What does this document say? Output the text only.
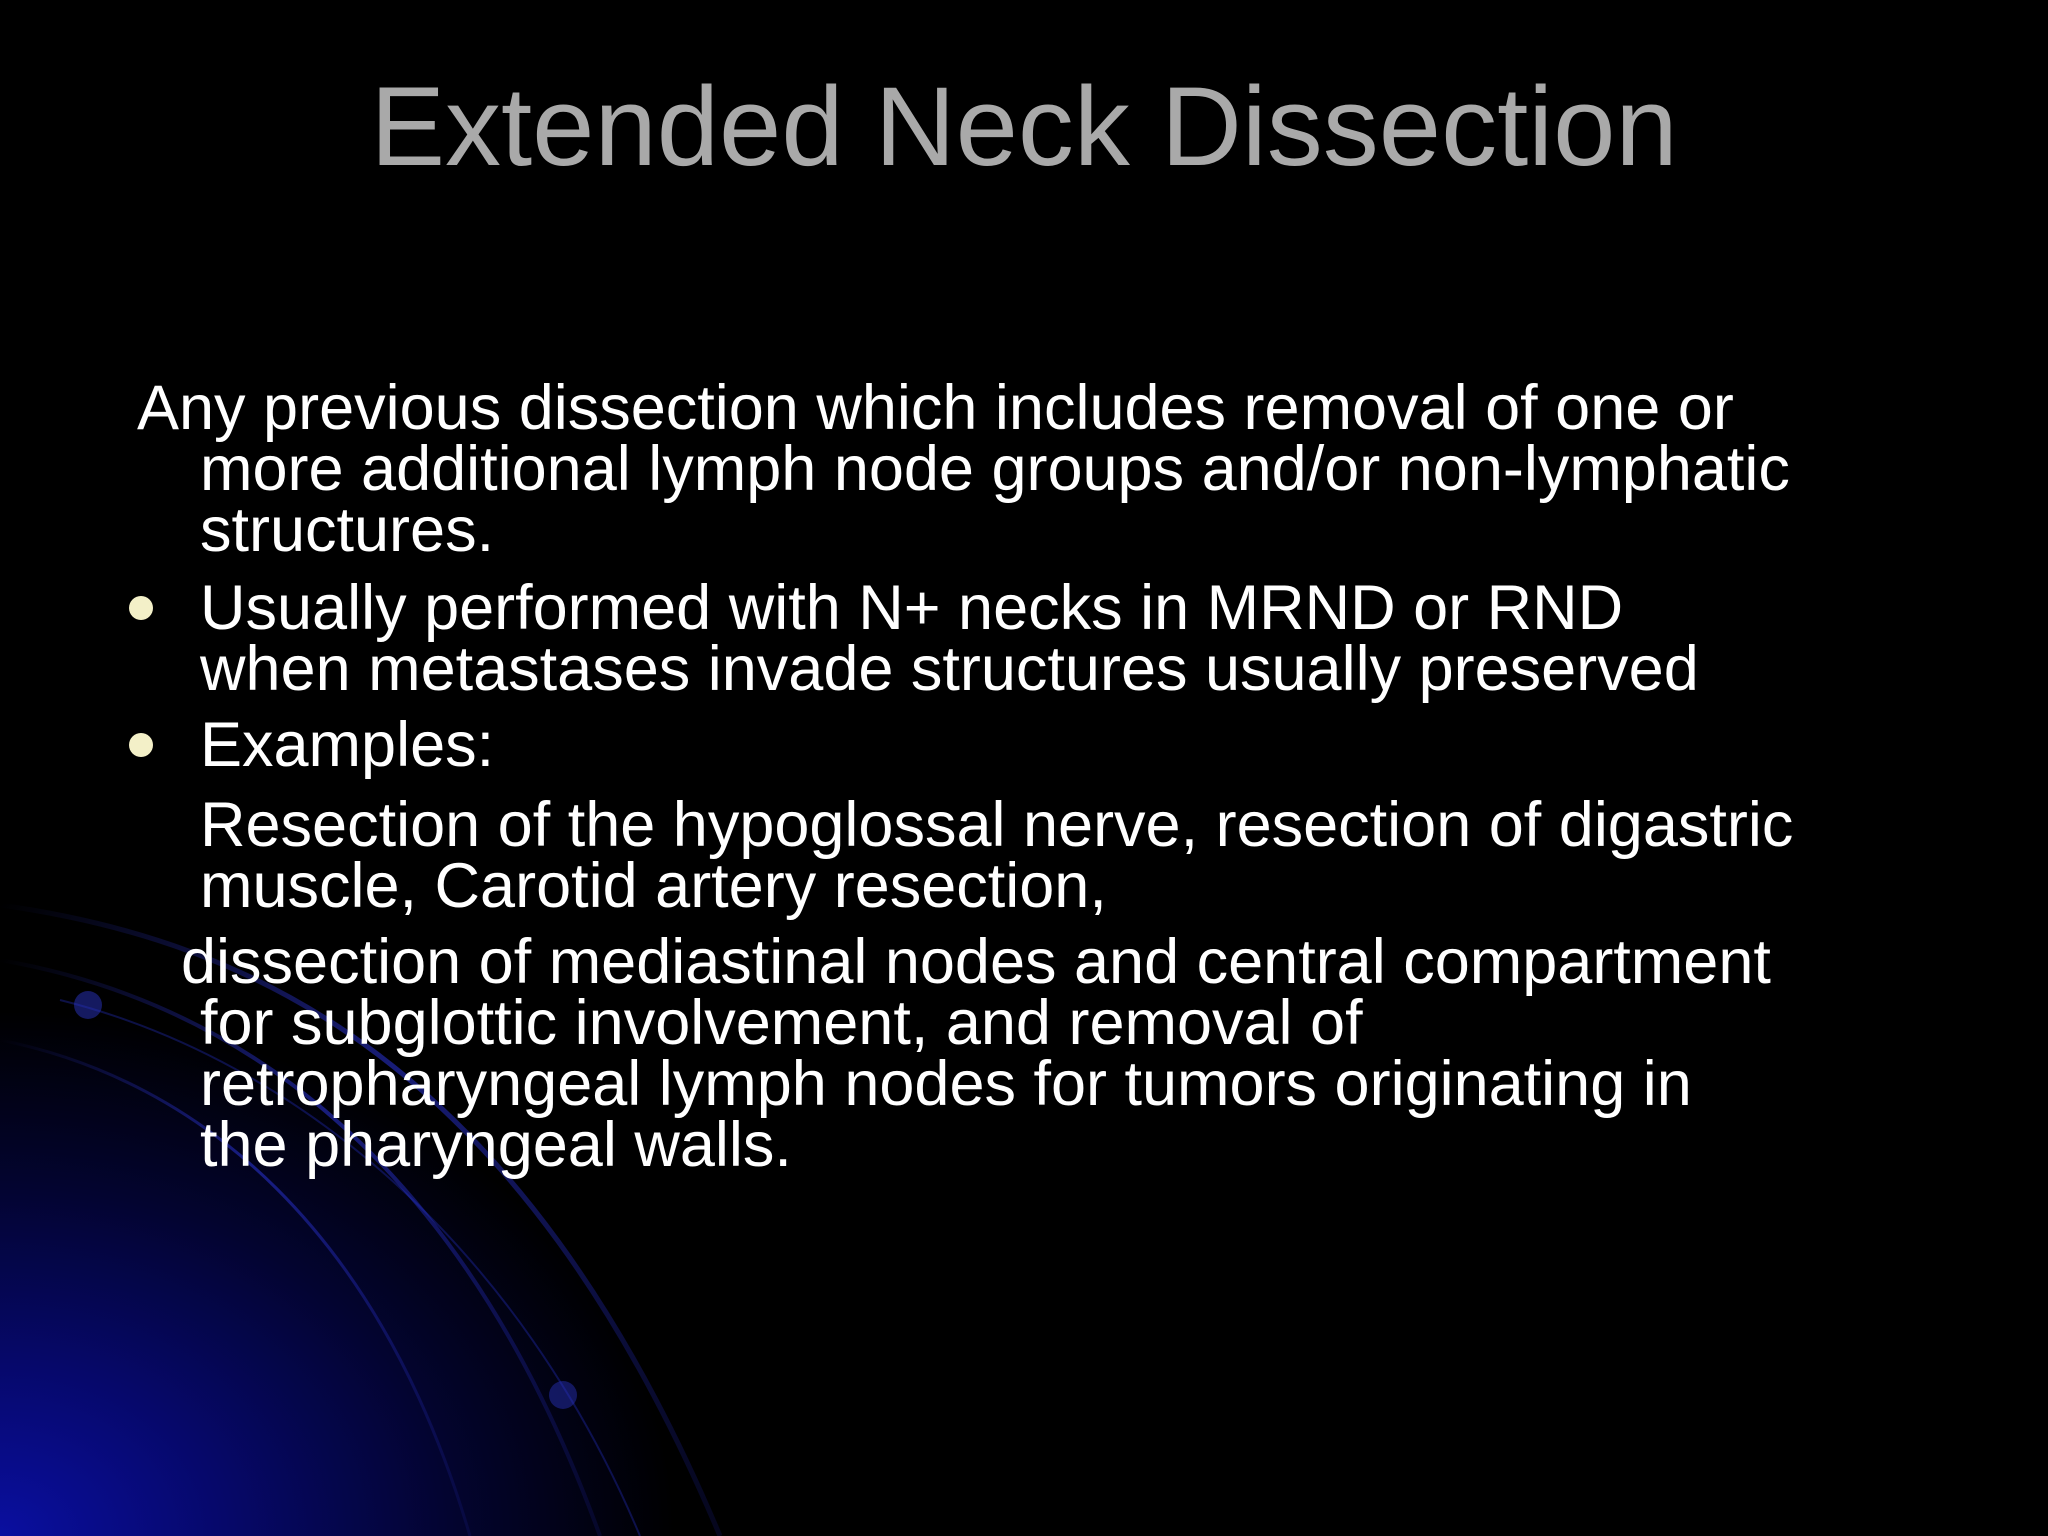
Extended Neck Dissection
Any previous dissection which includes removal of one or
more additional lymph node groups and/or non-lymphatic
structures.
Usually performed with N+ necks in MRND or RND
when metastases invade structures usually preserved
Examples:
Resection of the hypoglossal nerve, resection of digastric
muscle, Carotid artery resection,
dissection of mediastinal nodes and central compartment
for subglottic involvement, and removal of
retropharyngeal lymph nodes for tumors originating in
the pharyngeal walls.
